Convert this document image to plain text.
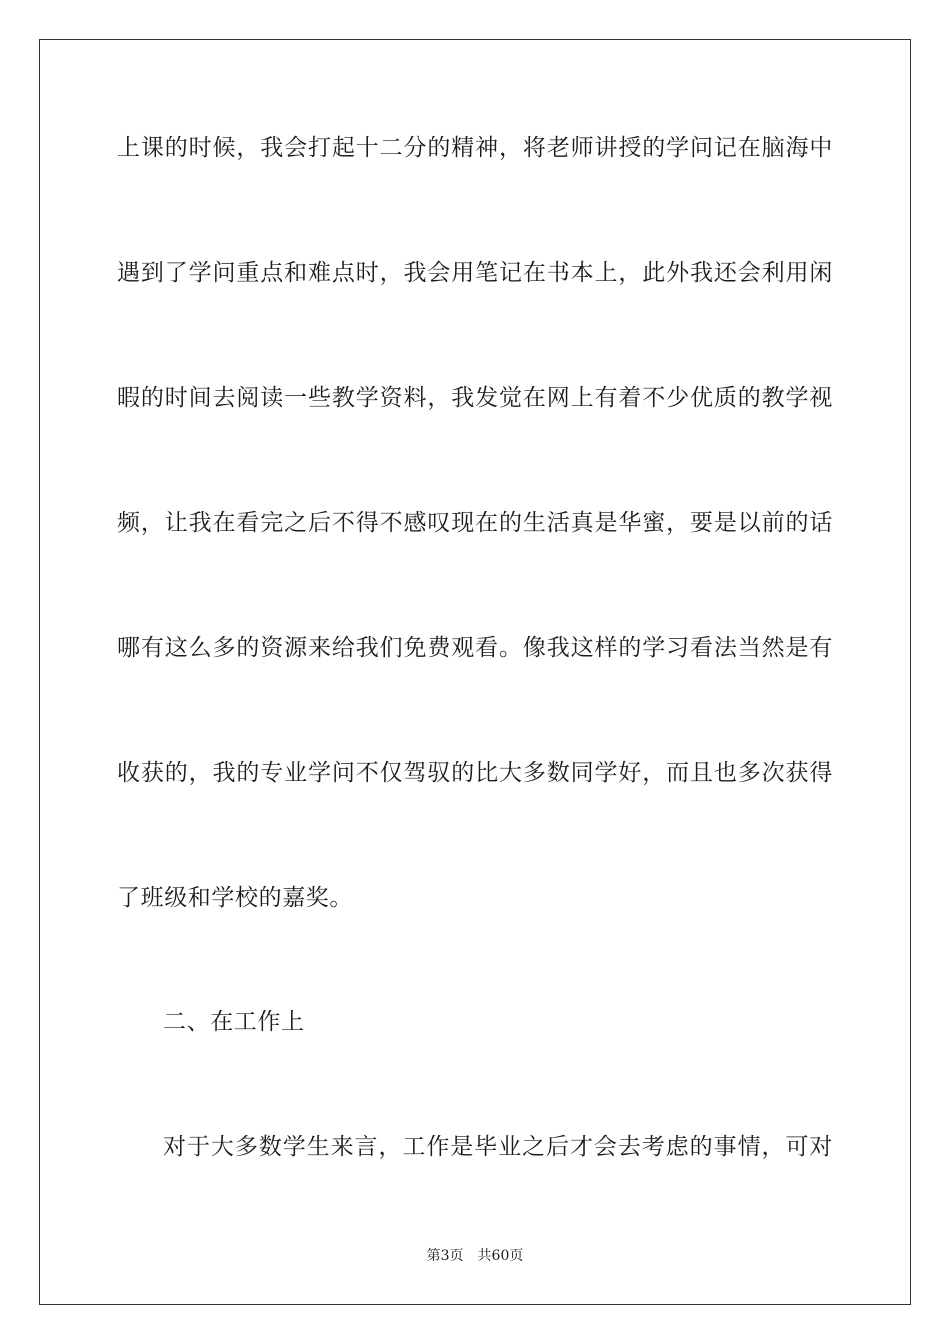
上课的时候，我会打起十二分的精神，将老师讲授的学问记在脑海中
遇到了学问重点和难点时，我会用笔记在书本上，此外我还会利用闲
暇的时间去阅读一些教学资料，我发觉在网上有着不少优质的教学视
频，让我在看完之后不得不感叹现在的生活真是华蜜，要是以前的话
哪有这么多的资源来给我们免费观看。像我这样的学习看法当然是有
收获的，我的专业学问不仅驾驭的比大多数同学好，而且也多次获得
了班级和学校的嘉奖。
二、在工作上
对于大多数学生来言，工作是毕业之后才会去考虑的事情，可对
第3页 共60页
